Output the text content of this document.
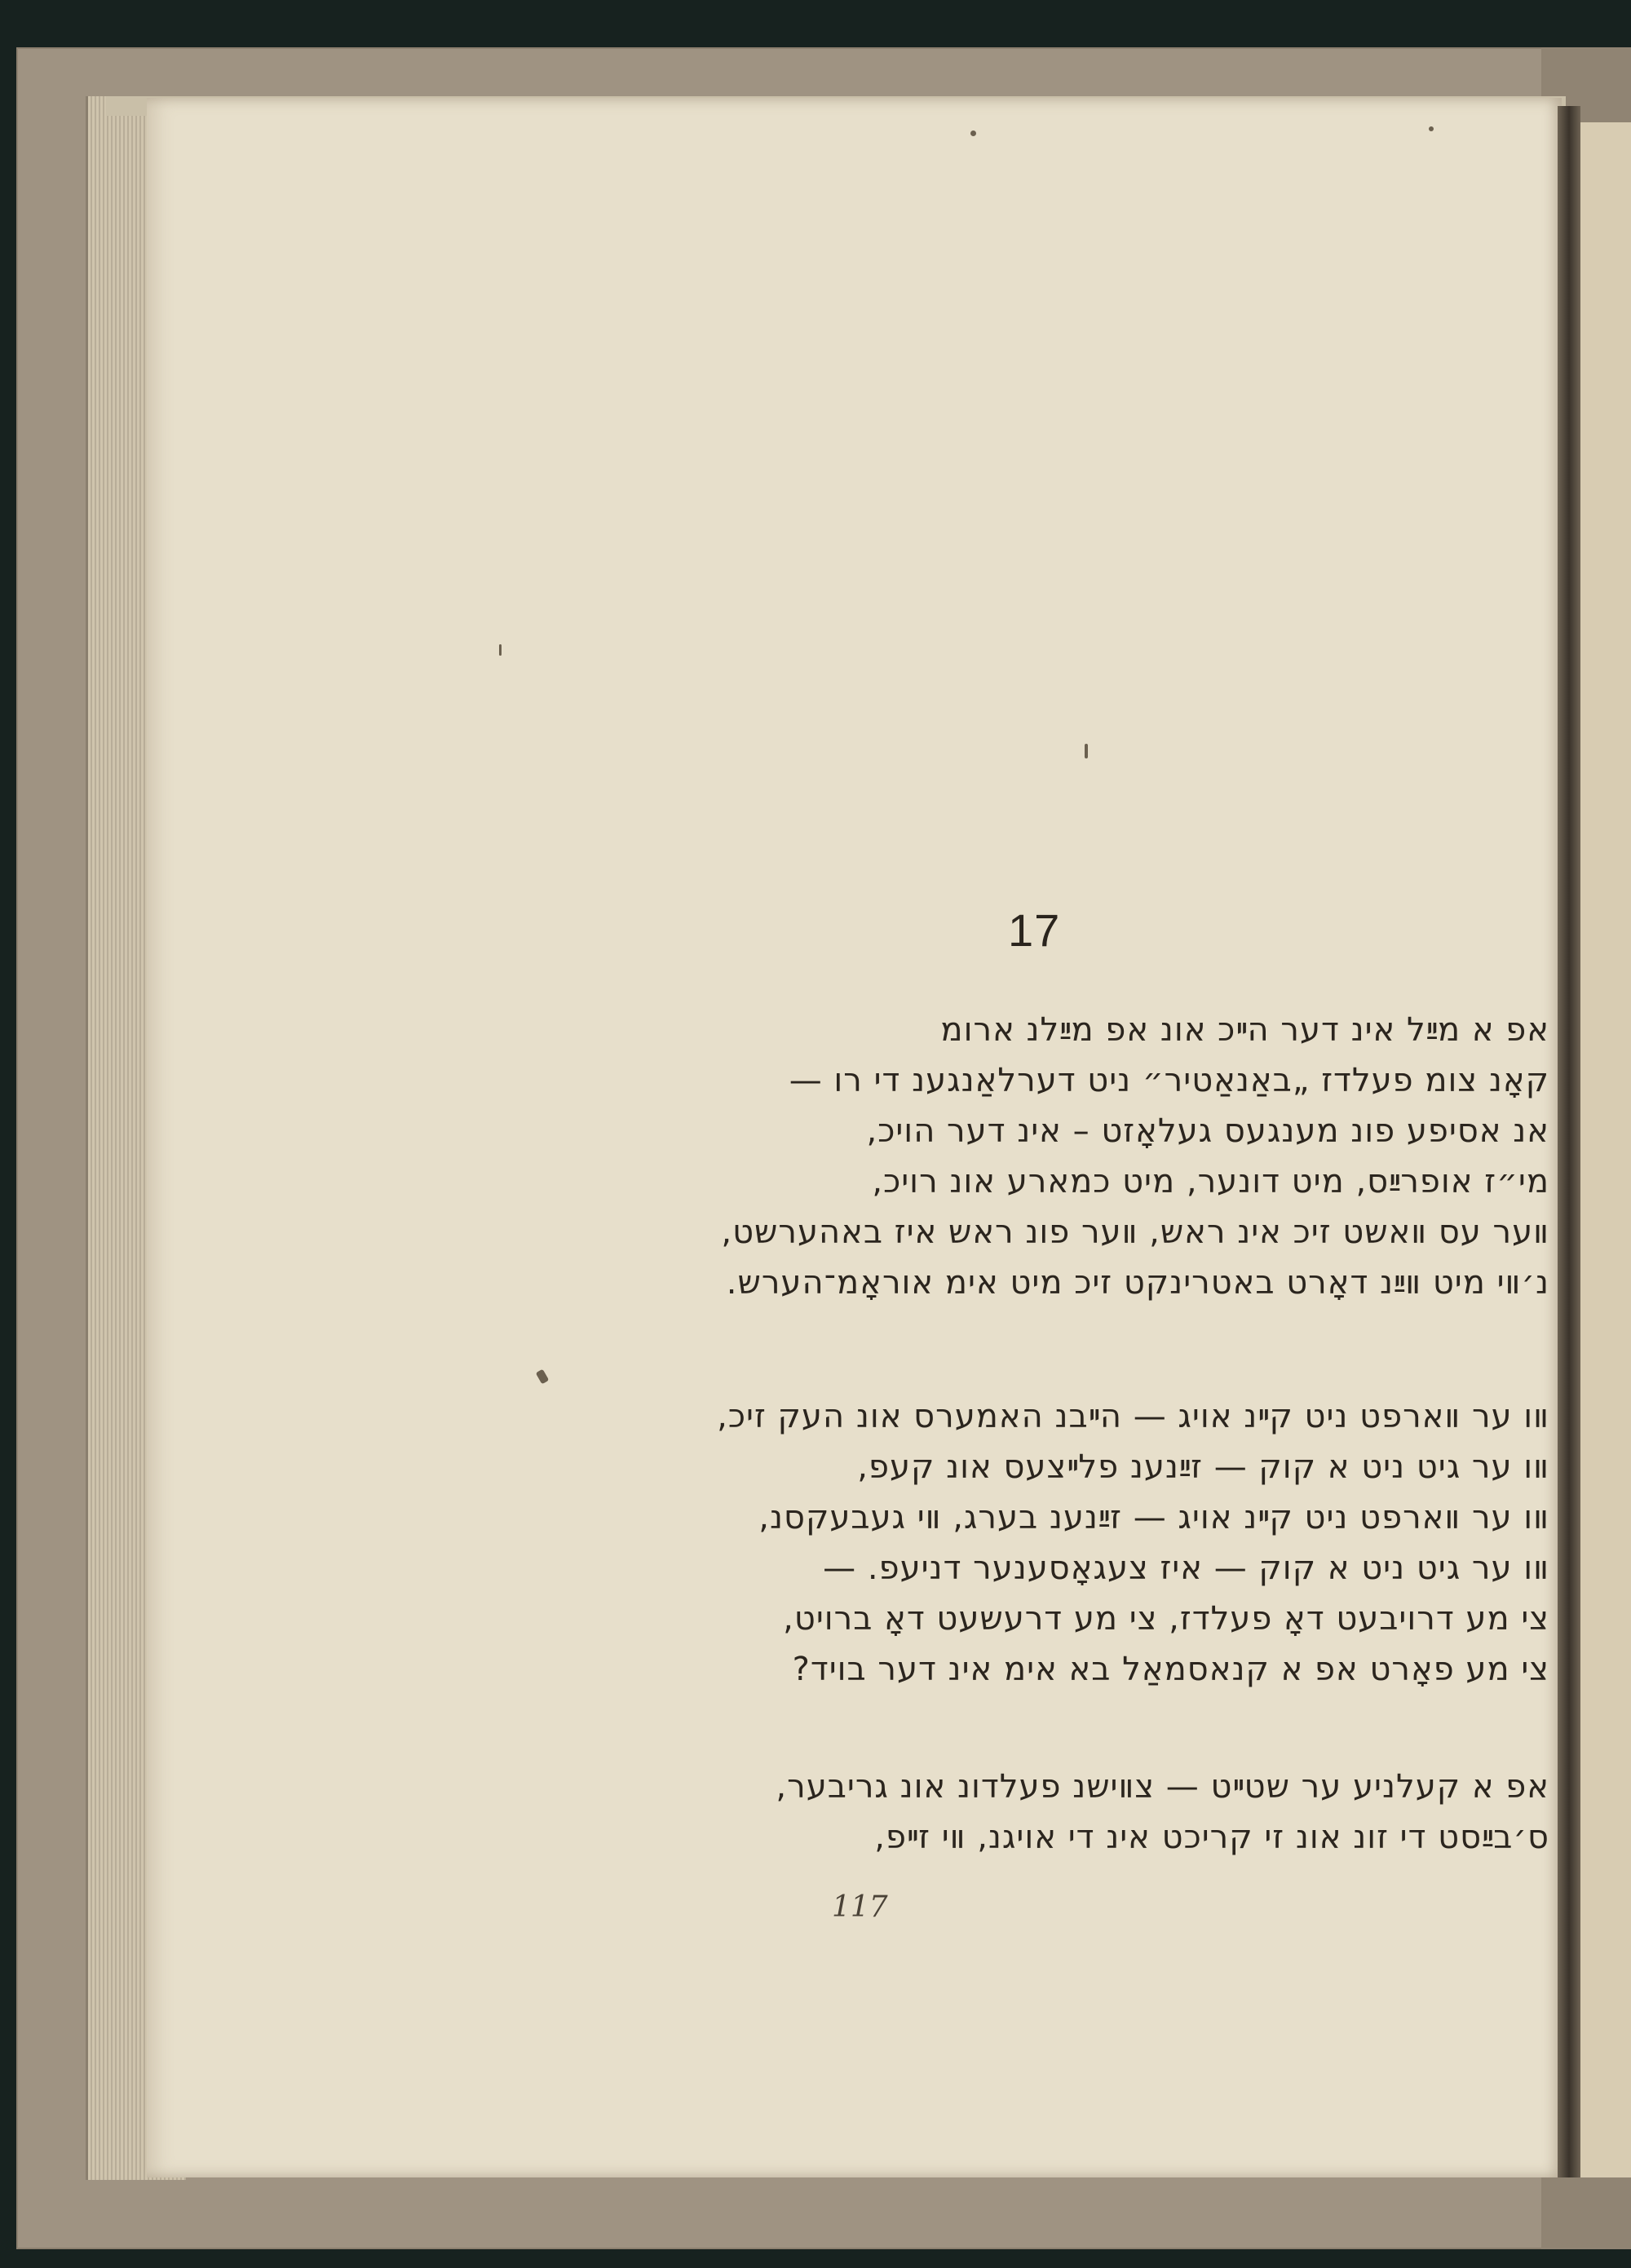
17
אפ א מײַל אינ דער הײכ אונ אפ מײַלנ ארומ
קאָנ צומ פעלדז „באַנאַטיר״ ניט דערלאַנגענ די רו —
אנ אסיפע פונ מענגעס געלאָזט – אינ דער הויכ,
מי״ז אופרײַס, מיט דונער, מיט כמארע אונ רויכ,
װער עס װאשט זיכ אינ ראש, װער פונ ראש איז באהערשט,
נ׳װי מיט װײַנ דאָרט באטרינקט זיכ מיט אימ אוראָמ־הערש.
װו ער װארפט ניט קײנ אויג — הײבנ האמערס אונ העק זיכ,
װו ער גיט ניט א קוק — זײַנענ פלײצעס אונ קעפ,
װו ער װארפט ניט קײנ אויג — זײַנענ בערג, װי געבעקסנ,
װו ער גיט ניט א קוק — איז צעגאָסענער דניעפ. —
צי מע דרויבעט דאָ פעלדז, צי מע דרעשעט דאָ ברויט,
צי מע פאָרט אפ א קנאסמאַל בא אימ אינ דער בויד?
אפ א קעלניע ער שטײט — צװישנ פעלדונ אונ גריבער,
ס׳בײַסט די זונ אונ זי קריכט אינ די אויגנ, װי זײפ,
117
